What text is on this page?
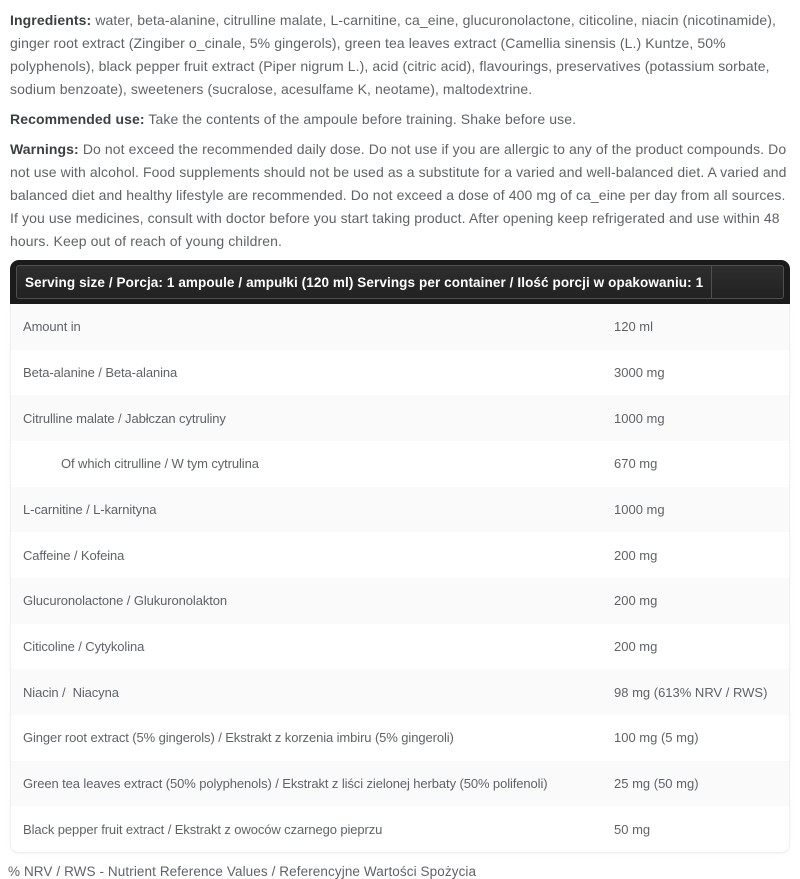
Ingredients: water, beta-alanine, citrulline malate, L-carnitine, ca_eine, glucuronolactone, citicoline, niacin (nicotinamide), ginger root extract (Zingiber o_cinale, 5% gingerols), green tea leaves extract (Camellia sinensis (L.) Kuntze, 50% polyphenols), black pepper fruit extract (Piper nigrum L.), acid (citric acid), flavourings, preservatives (potassium sorbate, sodium benzoate), sweeteners (sucralose, acesulfame K, neotame), maltodextrine.

Recommended use: Take the contents of the ampoule before training. Shake before use.

Warnings: Do not exceed the recommended daily dose. Do not use if you are allergic to any of the product compounds. Do not use with alcohol. Food supplements should not be used as a substitute for a varied and well-balanced diet. A varied and balanced diet and healthy lifestyle are recommended. Do not exceed a dose of 400 mg of ca_eine per day from all sources. If you use medicines, consult with doctor before you start taking product. After opening keep refrigerated and use within 48 hours. Keep out of reach of young children.

Serving size / Porcja: 1 ampoule / ampułki (120 ml) Servings per container / Ilość porcji w opakowaniu: 1
Amount in	120 ml
Beta-alanine / Beta-alanina	3000 mg
Citrulline malate / Jabłczan cytruliny	1000 mg
Of which citrulline / W tym cytrulina	670 mg
L-carnitine / L-karnityna	1000 mg
Caffeine / Kofeina	200 mg
Glucuronolactone / Glukuronolakton	200 mg
Citicoline / Cytykolina	200 mg
Niacin /  Niacyna	98 mg (613% NRV / RWS)
Ginger root extract (5% gingerols) / Ekstrakt z korzenia imbiru (5% gingeroli)	100 mg (5 mg)
Green tea leaves extract (50% polyphenols) / Ekstrakt z liści zielonej herbaty (50% polifenoli)	25 mg (50 mg)
Black pepper fruit extract / Ekstrakt z owoców czarnego pieprzu	50 mg

% NRV / RWS - Nutrient Reference Values / Referencyjne Wartości Spożycia
